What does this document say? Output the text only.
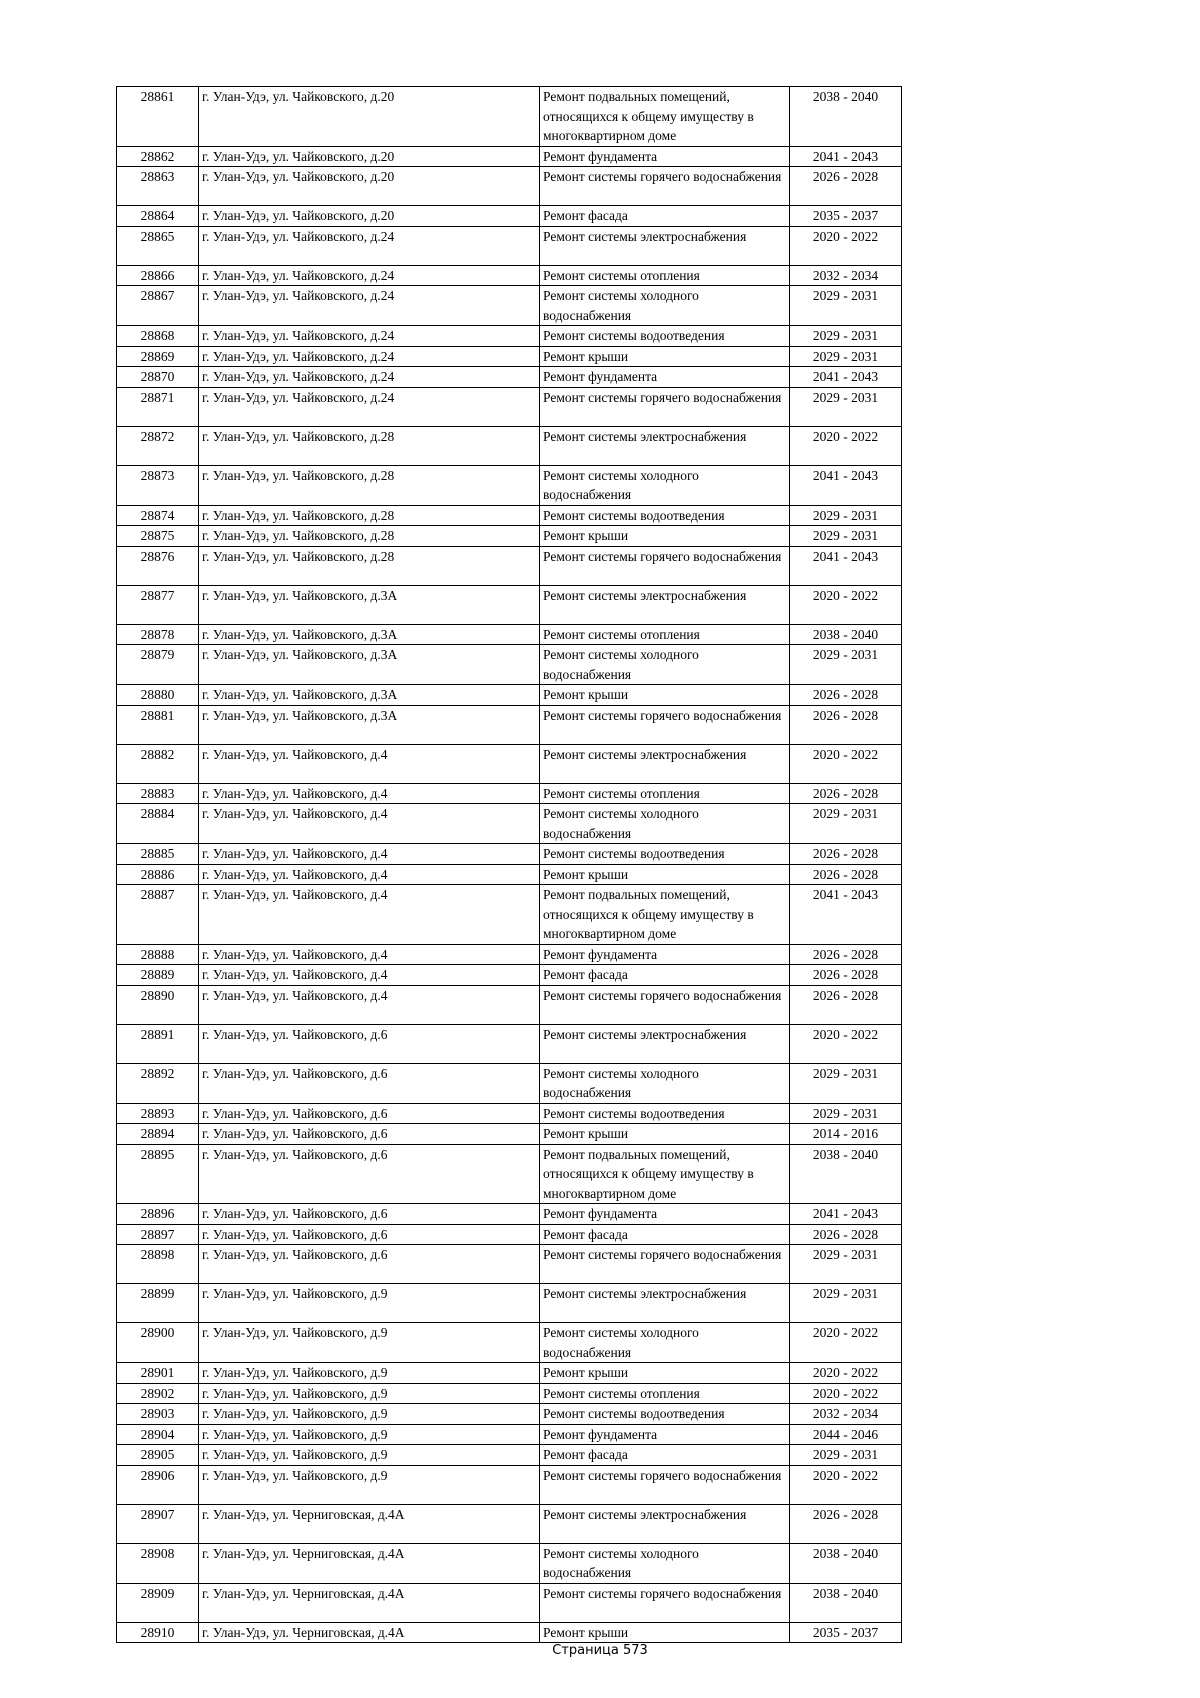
28861	г. Улан-Удэ, ул. Чайковского, д.20	Ремонт подвальных помещений, относящихся к общему имуществу в многоквартирном доме	2038 - 2040
28862	г. Улан-Удэ, ул. Чайковского, д.20	Ремонт фундамента	2041 - 2043
28863	г. Улан-Удэ, ул. Чайковского, д.20	Ремонт системы горячего водоснабжения	2026 - 2028
28864	г. Улан-Удэ, ул. Чайковского, д.20	Ремонт фасада	2035 - 2037
28865	г. Улан-Удэ, ул. Чайковского, д.24	Ремонт системы электроснабжения	2020 - 2022
28866	г. Улан-Удэ, ул. Чайковского, д.24	Ремонт системы отопления	2032 - 2034
28867	г. Улан-Удэ, ул. Чайковского, д.24	Ремонт системы холодного водоснабжения	2029 - 2031
28868	г. Улан-Удэ, ул. Чайковского, д.24	Ремонт системы водоотведения	2029 - 2031
28869	г. Улан-Удэ, ул. Чайковского, д.24	Ремонт крыши	2029 - 2031
28870	г. Улан-Удэ, ул. Чайковского, д.24	Ремонт фундамента	2041 - 2043
28871	г. Улан-Удэ, ул. Чайковского, д.24	Ремонт системы горячего водоснабжения	2029 - 2031
28872	г. Улан-Удэ, ул. Чайковского, д.28	Ремонт системы электроснабжения	2020 - 2022
28873	г. Улан-Удэ, ул. Чайковского, д.28	Ремонт системы холодного водоснабжения	2041 - 2043
28874	г. Улан-Удэ, ул. Чайковского, д.28	Ремонт системы водоотведения	2029 - 2031
28875	г. Улан-Удэ, ул. Чайковского, д.28	Ремонт крыши	2029 - 2031
28876	г. Улан-Удэ, ул. Чайковского, д.28	Ремонт системы горячего водоснабжения	2041 - 2043
28877	г. Улан-Удэ, ул. Чайковского, д.3А	Ремонт системы электроснабжения	2020 - 2022
28878	г. Улан-Удэ, ул. Чайковского, д.3А	Ремонт системы отопления	2038 - 2040
28879	г. Улан-Удэ, ул. Чайковского, д.3А	Ремонт системы холодного водоснабжения	2029 - 2031
28880	г. Улан-Удэ, ул. Чайковского, д.3А	Ремонт крыши	2026 - 2028
28881	г. Улан-Удэ, ул. Чайковского, д.3А	Ремонт системы горячего водоснабжения	2026 - 2028
28882	г. Улан-Удэ, ул. Чайковского, д.4	Ремонт системы электроснабжения	2020 - 2022
28883	г. Улан-Удэ, ул. Чайковского, д.4	Ремонт системы отопления	2026 - 2028
28884	г. Улан-Удэ, ул. Чайковского, д.4	Ремонт системы холодного водоснабжения	2029 - 2031
28885	г. Улан-Удэ, ул. Чайковского, д.4	Ремонт системы водоотведения	2026 - 2028
28886	г. Улан-Удэ, ул. Чайковского, д.4	Ремонт крыши	2026 - 2028
28887	г. Улан-Удэ, ул. Чайковского, д.4	Ремонт подвальных помещений, относящихся к общему имуществу в многоквартирном доме	2041 - 2043
28888	г. Улан-Удэ, ул. Чайковского, д.4	Ремонт фундамента	2026 - 2028
28889	г. Улан-Удэ, ул. Чайковского, д.4	Ремонт фасада	2026 - 2028
28890	г. Улан-Удэ, ул. Чайковского, д.4	Ремонт системы горячего водоснабжения	2026 - 2028
28891	г. Улан-Удэ, ул. Чайковского, д.6	Ремонт системы электроснабжения	2020 - 2022
28892	г. Улан-Удэ, ул. Чайковского, д.6	Ремонт системы холодного водоснабжения	2029 - 2031
28893	г. Улан-Удэ, ул. Чайковского, д.6	Ремонт системы водоотведения	2029 - 2031
28894	г. Улан-Удэ, ул. Чайковского, д.6	Ремонт крыши	2014 - 2016
28895	г. Улан-Удэ, ул. Чайковского, д.6	Ремонт подвальных помещений, относящихся к общему имуществу в многоквартирном доме	2038 - 2040
28896	г. Улан-Удэ, ул. Чайковского, д.6	Ремонт фундамента	2041 - 2043
28897	г. Улан-Удэ, ул. Чайковского, д.6	Ремонт фасада	2026 - 2028
28898	г. Улан-Удэ, ул. Чайковского, д.6	Ремонт системы горячего водоснабжения	2029 - 2031
28899	г. Улан-Удэ, ул. Чайковского, д.9	Ремонт системы электроснабжения	2029 - 2031
28900	г. Улан-Удэ, ул. Чайковского, д.9	Ремонт системы холодного водоснабжения	2020 - 2022
28901	г. Улан-Удэ, ул. Чайковского, д.9	Ремонт крыши	2020 - 2022
28902	г. Улан-Удэ, ул. Чайковского, д.9	Ремонт системы отопления	2020 - 2022
28903	г. Улан-Удэ, ул. Чайковского, д.9	Ремонт системы водоотведения	2032 - 2034
28904	г. Улан-Удэ, ул. Чайковского, д.9	Ремонт фундамента	2044 - 2046
28905	г. Улан-Удэ, ул. Чайковского, д.9	Ремонт фасада	2029 - 2031
28906	г. Улан-Удэ, ул. Чайковского, д.9	Ремонт системы горячего водоснабжения	2020 - 2022
28907	г. Улан-Удэ, ул. Черниговская, д.4А	Ремонт системы электроснабжения	2026 - 2028
28908	г. Улан-Удэ, ул. Черниговская, д.4А	Ремонт системы холодного водоснабжения	2038 - 2040
28909	г. Улан-Удэ, ул. Черниговская, д.4А	Ремонт системы горячего водоснабжения	2038 - 2040
28910	г. Улан-Удэ, ул. Черниговская, д.4А	Ремонт крыши	2035 - 2037
Страница 573
